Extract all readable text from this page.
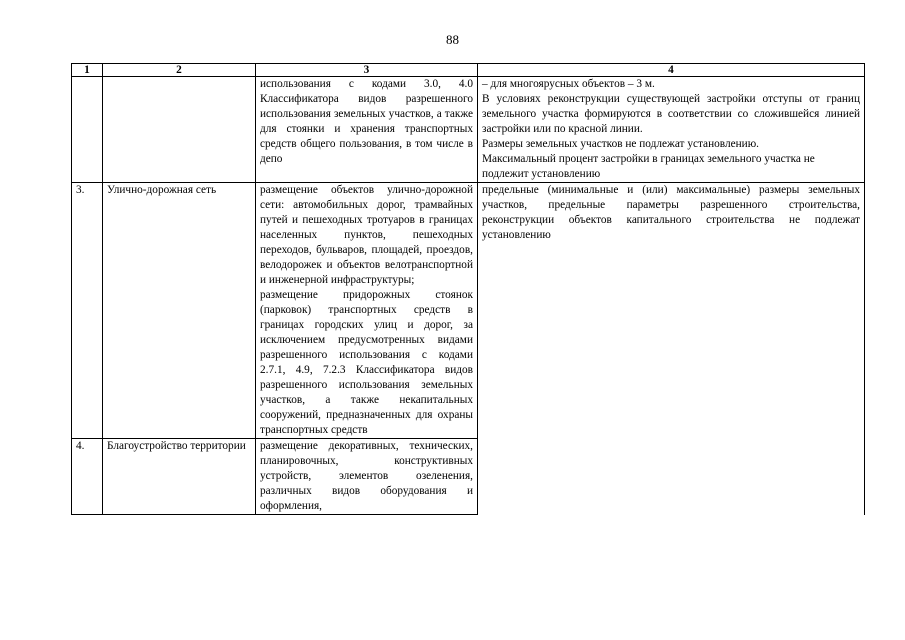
88
1	2	3	4

		использования с кодами 3.0, 4.0 Классификатора видов разрешенного использования земельных участков, а также для стоянки и хранения транспортных средств общего пользования, в том числе в депо	– для многоярусных объектов – 3 м.

В условиях реконструкции существующей застройки отступы от границ земельного участка формируются в соответствии со сложившейся линией застройки или по красной линии.

Размеры земельных участков не подлежат установлению.

Максимальный процент застройки в границах земельного участка не подлежит установлению

3.	Улично-дорожная сеть	размещение объектов улично-дорожной сети: автомобильных дорог, трамвайных путей и пешеходных тротуаров в границах населенных пунктов, пешеходных переходов, бульваров, площадей, проездов, велодорожек и объектов велотранспортной и инженерной инфраструктуры;

размещение придорожных стоянок (парковок) транспортных средств в границах городских улиц и дорог, за исключением предусмотренных видами разрешенного использования с кодами 2.7.1, 4.9, 7.2.3 Классификатора видов разрешенного использования земельных участков, а также некапитальных сооружений, предназначенных для охраны транспортных средств	предельные (минимальные и (или) максимальные) размеры земельных участков, предельные параметры разрешенного строительства, реконструкции объектов капитального строительства не подлежат установлению

4.	Благоустройство территории	размещение декоративных, технических, планировочных, конструктивных устройств, элементов озеленения, различных видов оборудования и оформления,	
